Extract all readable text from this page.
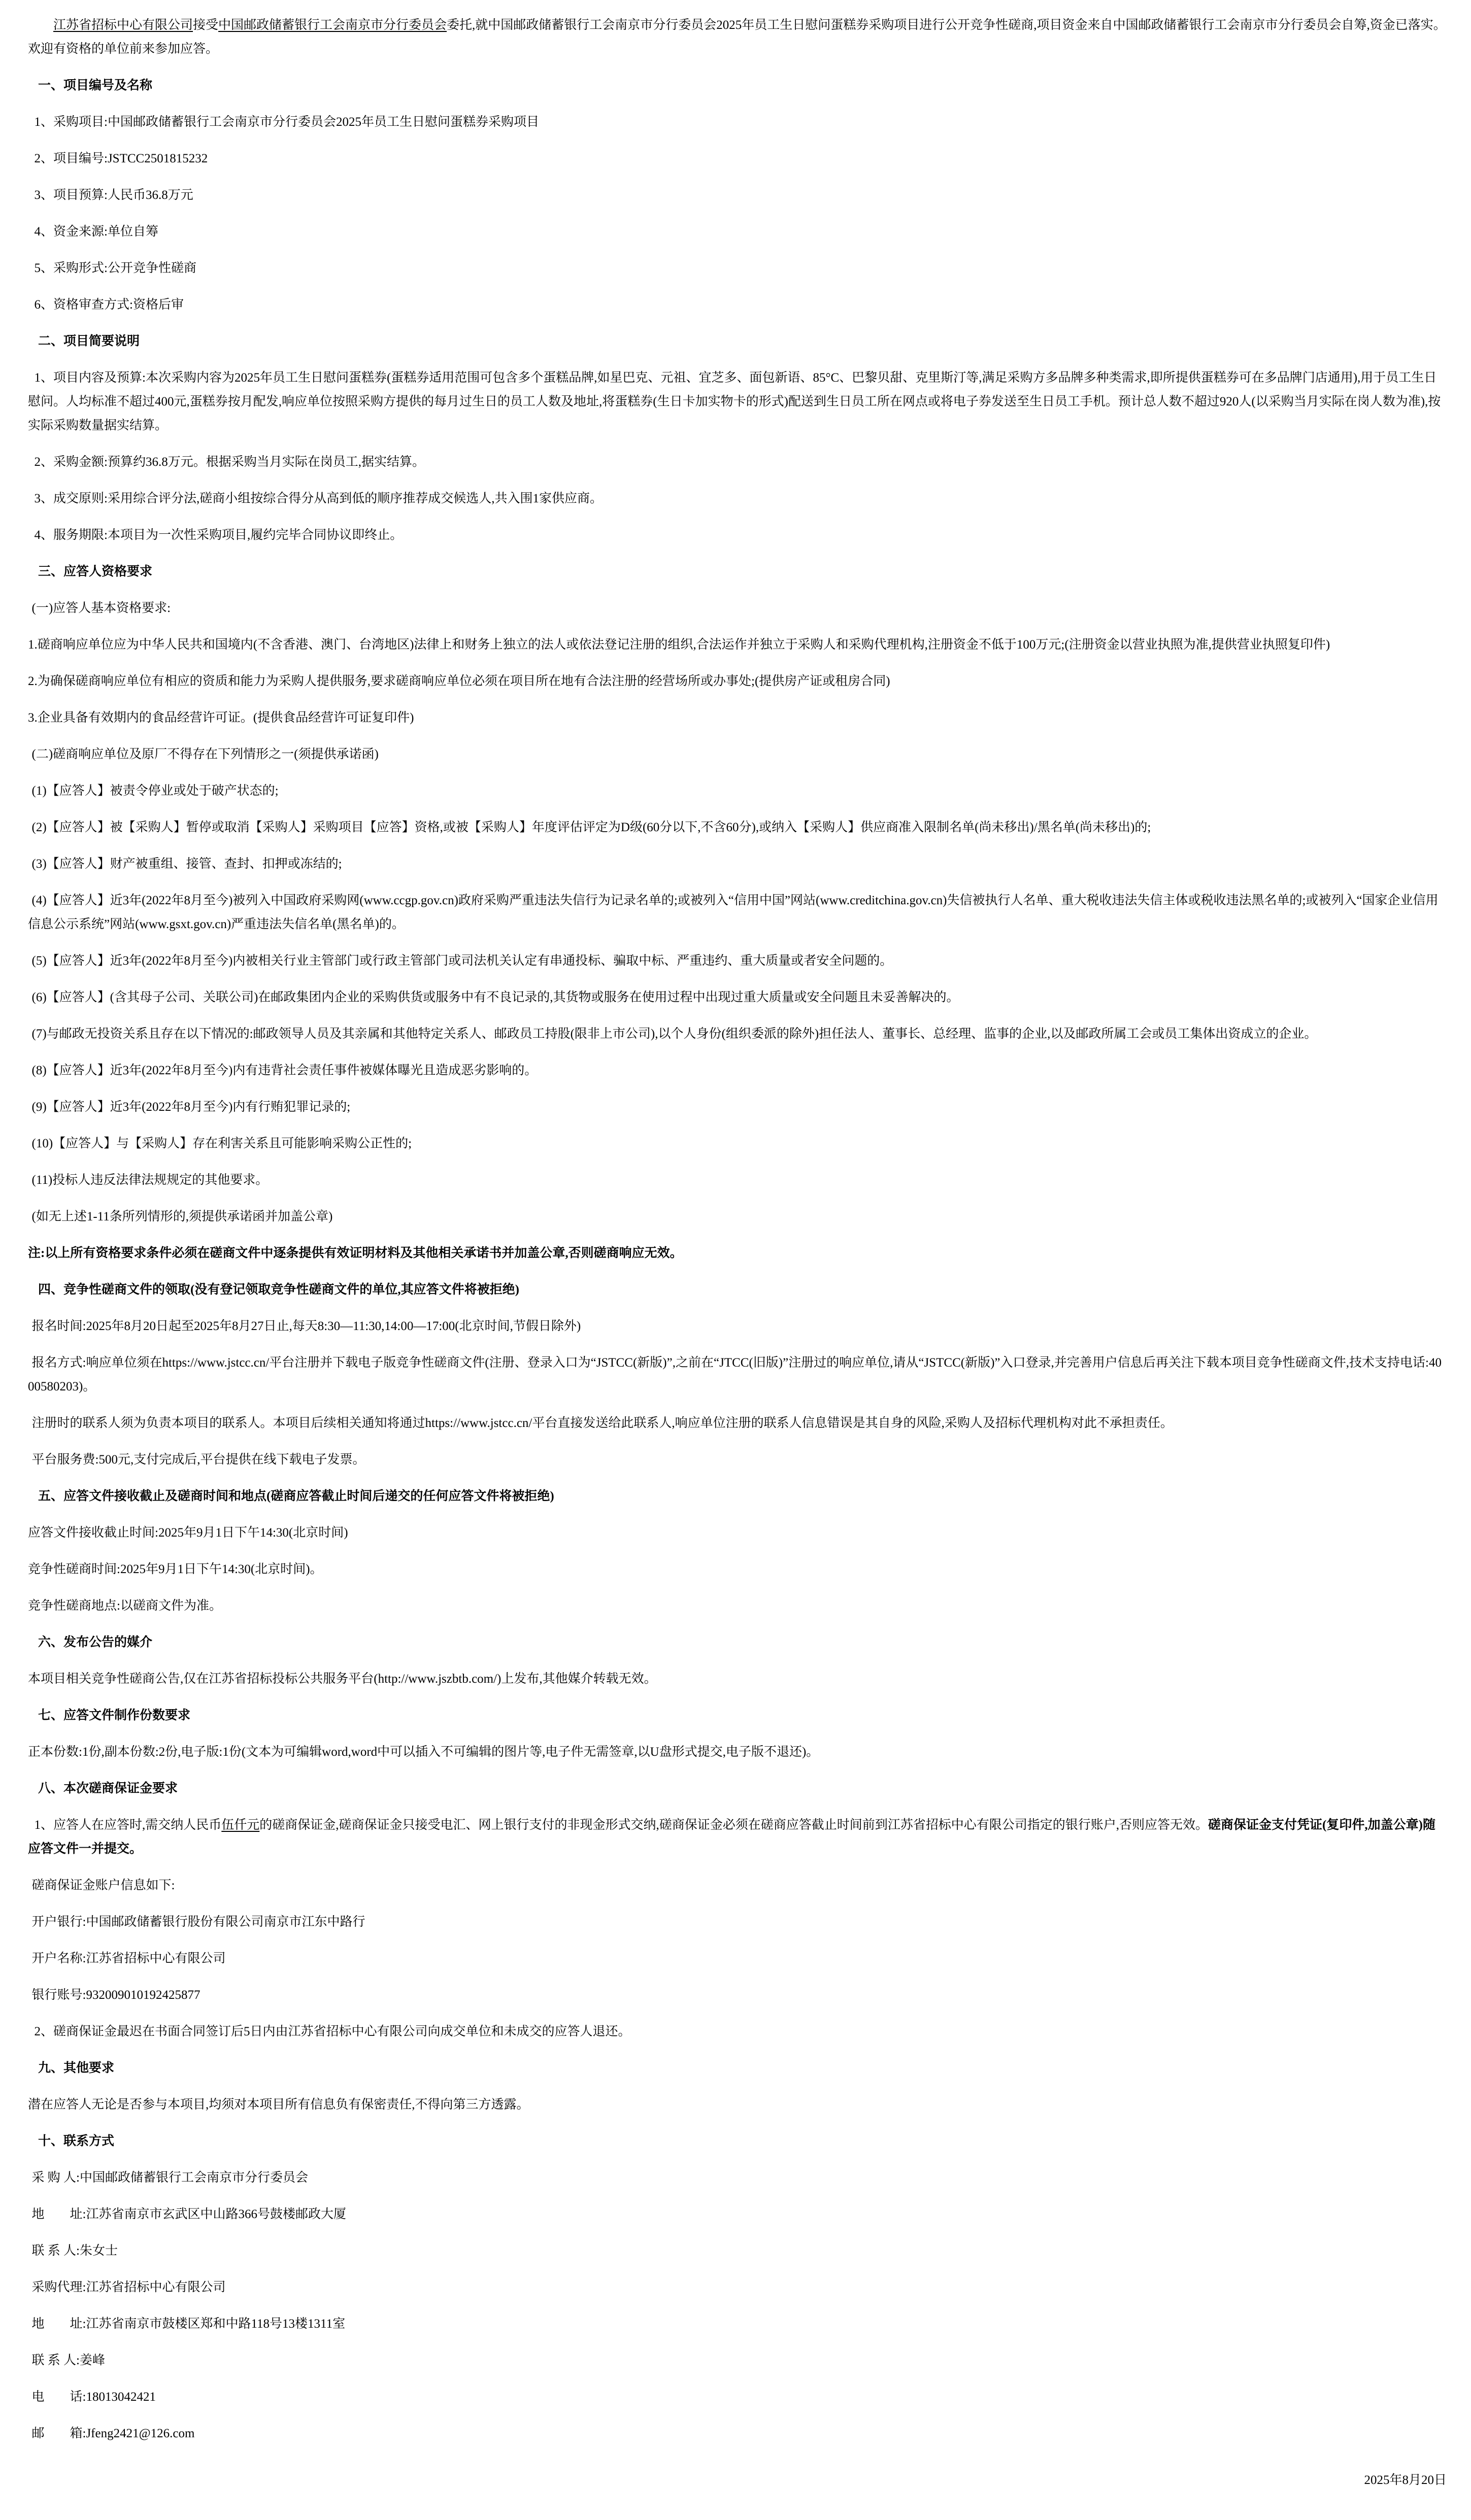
江苏省招标中心有限公司接受中国邮政储蓄银行工会南京市分行委员会委托,就中国邮政储蓄银行工会南京市分行委员会2025年员工生日慰问蛋糕券采购项目进行公开竞争性磋商,项目资金来自中国邮政储蓄银行工会南京市分行委员会自筹,资金已落实。欢迎有资格的单位前来参加应答。

一、项目编号及名称

1、采购项目:中国邮政储蓄银行工会南京市分行委员会2025年员工生日慰问蛋糕券采购项目

2、项目编号:JSTCC2501815232

3、项目预算:人民币36.8万元

4、资金来源:单位自筹

5、采购形式:公开竞争性磋商

6、资格审查方式:资格后审

二、项目简要说明

1、项目内容及预算:本次采购内容为2025年员工生日慰问蛋糕券(蛋糕券适用范围可包含多个蛋糕品牌,如星巴克、元祖、宜芝多、面包新语、85°C、巴黎贝甜、克里斯汀等,满足采购方多品牌多种类需求,即所提供蛋糕券可在多品牌门店通用),用于员工生日慰问。人均标准不超过400元,蛋糕券按月配发,响应单位按照采购方提供的每月过生日的员工人数及地址,将蛋糕券(生日卡加实物卡的形式)配送到生日员工所在网点或将电子券发送至生日员工手机。预计总人数不超过920人(以采购当月实际在岗人数为准),按实际采购数量据实结算。

2、采购金额:预算约36.8万元。根据采购当月实际在岗员工,据实结算。

3、成交原则:采用综合评分法,磋商小组按综合得分从高到低的顺序推荐成交候选人,共入围1家供应商。

4、服务期限:本项目为一次性采购项目,履约完毕合同协议即终止。

三、应答人资格要求

(一)应答人基本资格要求:

1.磋商响应单位应为中华人民共和国境内(不含香港、澳门、台湾地区)法律上和财务上独立的法人或依法登记注册的组织,合法运作并独立于采购人和采购代理机构,注册资金不低于100万元;(注册资金以营业执照为准,提供营业执照复印件)

2.为确保磋商响应单位有相应的资质和能力为采购人提供服务,要求磋商响应单位必须在项目所在地有合法注册的经营场所或办事处;(提供房产证或租房合同)

3.企业具备有效期内的食品经营许可证。(提供食品经营许可证复印件)

(二)磋商响应单位及原厂不得存在下列情形之一(须提供承诺函)

(1)【应答人】被责令停业或处于破产状态的;

(2)【应答人】被【采购人】暂停或取消【采购人】采购项目【应答】资格,或被【采购人】年度评估评定为D级(60分以下,不含60分),或纳入【采购人】供应商准入限制名单(尚未移出)/黑名单(尚未移出)的;

(3)【应答人】财产被重组、接管、查封、扣押或冻结的;

(4)【应答人】近3年(2022年8月至今)被列入中国政府采购网(www.ccgp.gov.cn)政府采购严重违法失信行为记录名单的;或被列入“信用中国”网站(www.creditchina.gov.cn)失信被执行人名单、重大税收违法失信主体或税收违法黑名单的;或被列入“国家企业信用信息公示系统”网站(www.gsxt.gov.cn)严重违法失信名单(黑名单)的。

(5)【应答人】近3年(2022年8月至今)内被相关行业主管部门或行政主管部门或司法机关认定有串通投标、骗取中标、严重违约、重大质量或者安全问题的。

(6)【应答人】(含其母子公司、关联公司)在邮政集团内企业的采购供货或服务中有不良记录的,其货物或服务在使用过程中出现过重大质量或安全问题且未妥善解决的。

(7)与邮政无投资关系且存在以下情况的:邮政领导人员及其亲属和其他特定关系人、邮政员工持股(限非上市公司),以个人身份(组织委派的除外)担任法人、董事长、总经理、监事的企业,以及邮政所属工会或员工集体出资成立的企业。

(8)【应答人】近3年(2022年8月至今)内有违背社会责任事件被媒体曝光且造成恶劣影响的。

(9)【应答人】近3年(2022年8月至今)内有行贿犯罪记录的;

(10)【应答人】与【采购人】存在利害关系且可能影响采购公正性的;

(11)投标人违反法律法规规定的其他要求。

(如无上述1-11条所列情形的,须提供承诺函并加盖公章)

注:以上所有资格要求条件必须在磋商文件中逐条提供有效证明材料及其他相关承诺书并加盖公章,否则磋商响应无效。

四、竞争性磋商文件的领取(没有登记领取竞争性磋商文件的单位,其应答文件将被拒绝)

报名时间:2025年8月20日起至2025年8月27日止,每天8:30—11:30,14:00—17:00(北京时间,节假日除外)

报名方式:响应单位须在https://www.jstcc.cn/平台注册并下载电子版竞争性磋商文件(注册、登录入口为“JSTCC(新版)”,之前在“JTCC(旧版)”注册过的响应单位,请从“JSTCC(新版)”入口登录,并完善用户信息后再关注下载本项目竞争性磋商文件,技术支持电话:4000580203)。

注册时的联系人须为负责本项目的联系人。本项目后续相关通知将通过https://www.jstcc.cn/平台直接发送给此联系人,响应单位注册的联系人信息错误是其自身的风险,采购人及招标代理机构对此不承担责任。

平台服务费:500元,支付完成后,平台提供在线下载电子发票。

五、应答文件接收截止及磋商时间和地点(磋商应答截止时间后递交的任何应答文件将被拒绝)

应答文件接收截止时间:2025年9月1日下午14:30(北京时间)

竞争性磋商时间:2025年9月1日下午14:30(北京时间)。

竞争性磋商地点:以磋商文件为准。

六、发布公告的媒介

本项目相关竞争性磋商公告,仅在江苏省招标投标公共服务平台(http://www.jszbtb.com/)上发布,其他媒介转载无效。

七、应答文件制作份数要求

正本份数:1份,副本份数:2份,电子版:1份(文本为可编辑word,word中可以插入不可编辑的图片等,电子件无需签章,以U盘形式提交,电子版不退还)。

八、本次磋商保证金要求

1、应答人在应答时,需交纳人民币伍仟元的磋商保证金,磋商保证金只接受电汇、网上银行支付的非现金形式交纳,磋商保证金必须在磋商应答截止时间前到江苏省招标中心有限公司指定的银行账户,否则应答无效。磋商保证金支付凭证(复印件,加盖公章)随应答文件一并提交。

磋商保证金账户信息如下:

开户银行:中国邮政储蓄银行股份有限公司南京市江东中路行

开户名称:江苏省招标中心有限公司

银行账号:932009010192425877

2、磋商保证金最迟在书面合同签订后5日内由江苏省招标中心有限公司向成交单位和未成交的应答人退还。

九、其他要求

潜在应答人无论是否参与本项目,均须对本项目所有信息负有保密责任,不得向第三方透露。

十、联系方式

采 购 人:中国邮政储蓄银行工会南京市分行委员会

地　　址:江苏省南京市玄武区中山路366号鼓楼邮政大厦

联 系 人:朱女士

采购代理:江苏省招标中心有限公司

地　　址:江苏省南京市鼓楼区郑和中路118号13楼1311室

联 系 人:姜峰

电　　话:18013042421

邮　　箱:Jfeng2421@126.com

2025年8月20日
